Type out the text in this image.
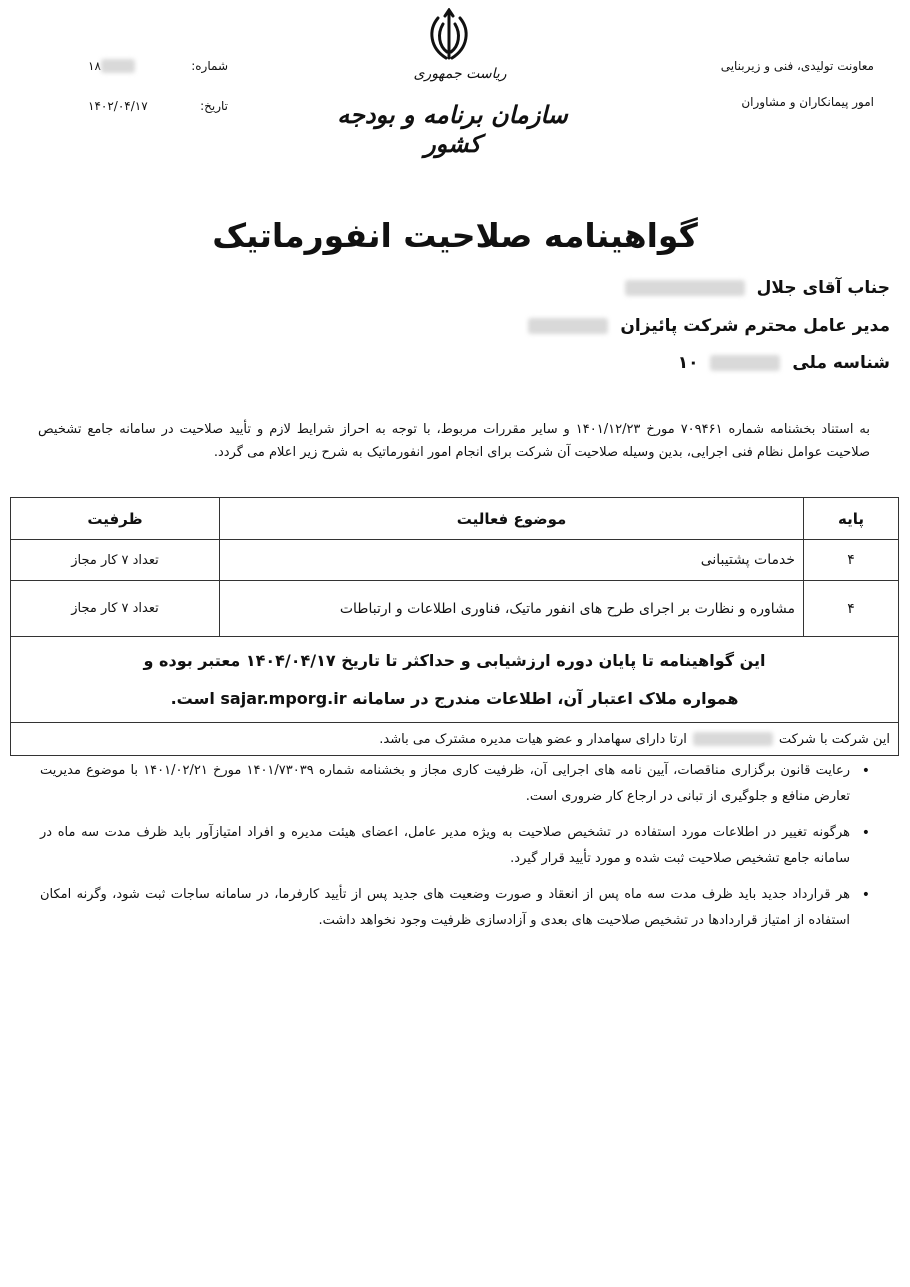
معاونت تولیدی، فنی و زیربنایی
امور پیمانکاران و مشاوران
ریاست جمهوری
سازمان برنامه و بودجه کشور
شماره:
۱۸
تاریخ:
۱۴۰۲/۰۴/۱۷
گواهینامه صلاحیت انفورماتیک
جناب آقای جلال
مدیر عامل محترم شرکت پائیزان
شناسه ملی  ۱۰
به استناد بخشنامه شماره ۷۰۹۴۶۱ مورخ ۱۴۰۱/۱۲/۲۳ و سایر مقررات مربوط، با توجه به احراز شرایط لازم و تأیید صلاحیت در سامانه جامع تشخیص صلاحیت عوامل نظام فنی اجرایی، بدین وسیله صلاحیت آن شرکت برای انجام امور انفورماتیک به شرح زیر اعلام می گردد.
پایه
موضوع فعالیت
ظرفیت
۴
خدمات پشتیبانی
تعداد ۷ کار مجاز
۴
مشاوره و نظارت بر اجرای طرح های انفور ماتیک، فناوری اطلاعات و ارتباطات
تعداد ۷ کار مجاز
این گواهینامه تا پایان دوره ارزشیابی و حداکثر تا تاریخ ۱۴۰۴/۰۴/۱۷ معتبر بوده و
همواره ملاک اعتبار آن، اطلاعات مندرج در سامانه sajar.mporg.ir است.
این شرکت با شرکت
ارتا دارای سهامدار و عضو هیات مدیره مشترک می باشد.
•
رعایت قانون برگزاری مناقصات، آیین نامه های اجرایی آن، ظرفیت کاری مجاز و بخشنامه شماره ۱۴۰۱/۷۳۰۳۹ مورخ ۱۴۰۱/۰۲/۲۱ با موضوع مدیریت تعارض منافع و جلوگیری از تبانی در ارجاع کار ضروری است.
•
هرگونه تغییر در اطلاعات مورد استفاده در تشخیص صلاحیت به ویژه مدیر عامل، اعضای هیئت مدیره و افراد امتیازآور باید ظرف مدت سه ماه در سامانه جامع تشخیص صلاحیت ثبت شده و مورد تأیید قرار گیرد.
•
هر قرارداد جدید باید ظرف مدت سه ماه پس از انعقاد و صورت وضعیت های جدید پس از تأیید کارفرما، در سامانه ساجات ثبت شود، وگرنه امکان استفاده از امتیاز قراردادها در تشخیص صلاحیت های بعدی و آزادسازی ظرفیت وجود نخواهد داشت.
